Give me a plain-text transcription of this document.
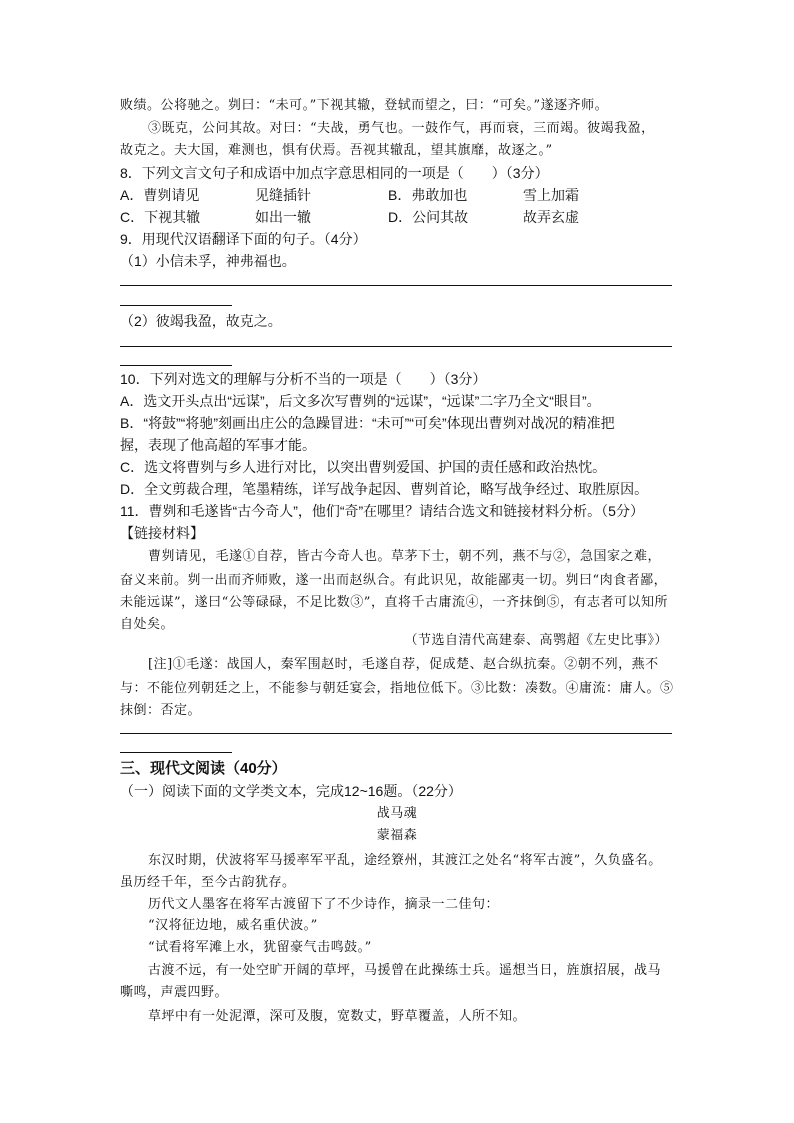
败绩。公将驰之。刿曰：“未可。”下视其辙，登轼而望之，曰：“可矣。”遂逐齐师。
③既克，公问其故。对曰：“夫战，勇气也。一鼓作气，再而衰，三而竭。彼竭我盈，
故克之。夫大国，难测也，惧有伏焉。吾视其辙乱，望其旗靡，故逐之。”
8．下列文言文句子和成语中加点字意思相同的一项是（　　）（3分）
A．曹刿请见	见缝插针	B．弗敢加也	雪上加霜
C．下视其辙	如出一辙	D．公问其故	故弄玄虚
9．用现代汉语翻译下面的句子。（4分）
（1）小信未孚，神弗福也。
（2）彼竭我盈，故克之。
10．下列对选文的理解与分析不当的一项是（　　）（3分）
A．选文开头点出“远谋”，后文多次写曹刿的“远谋”，“远谋”二字乃全文“眼目”。
B．“将鼓”“将驰”刻画出庄公的急躁冒进：“未可”“可矣”体现出曹刿对战况的精准把
握，表现了他高超的军事才能。
C．选文将曹刿与乡人进行对比，以突出曹刿爱国、护国的责任感和政治热忱。
D．全文剪裁合理，笔墨精练，详写战争起因、曹刿首论，略写战争经过、取胜原因。
11．曹刿和毛遂皆“古今奇人”，他们“奇”在哪里？请结合选文和链接材料分析。（5分）
【链接材料】
曹刿请见，毛遂①自荐，皆古今奇人也。草茅下士，朝不列，燕不与②，急国家之难，
奋义来前。刿一出而齐师败，遂一出而赵纵合。有此识见，故能鄙夷一切。刿曰“肉食者鄙，
未能远谋”，遂曰“公等碌碌，不足比数③”，直将千古庸流④，一齐抹倒⑤，有志者可以知所
自处矣。
（节选自清代高建泰、高鹗超《左史比事》）
[注]①毛遂：战国人，秦军围赵时，毛遂自荐，促成楚、赵合纵抗秦。②朝不列，燕不
与：不能位列朝廷之上，不能参与朝廷宴会，指地位低下。③比数：凑数。④庸流：庸人。⑤
抹倒：否定。
三、现代文阅读（40分）
（一）阅读下面的文学类文本，完成12~16题。（22分）
战马魂
蒙福森
东汉时期，伏波将军马援率军平乱，途经簝州，其渡江之处名“将军古渡”，久负盛名。
虽历经千年，至今古韵犹存。
历代文人墨客在将军古渡留下了不少诗作，摘录一二佳句：
“汉将征边地，威名重伏波。”
“试看将军滩上水，犹留豪气击鸣鼓。”
古渡不远，有一处空旷开阔的草坪，马援曾在此操练士兵。遥想当日，旌旗招展，战马
嘶鸣，声震四野。
草坪中有一处泥潭，深可及腹，宽数丈，野草覆盖，人所不知。
